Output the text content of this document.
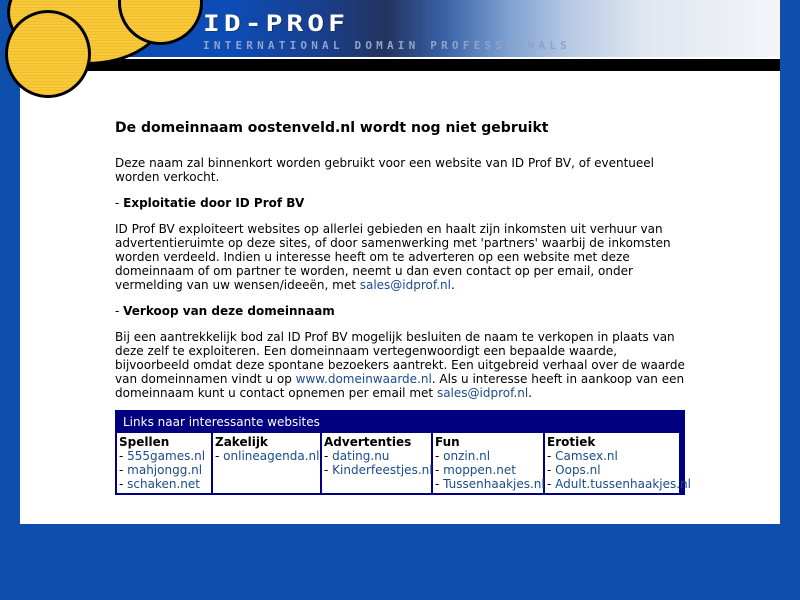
ID-PROF
INTERNATIONAL DOMAIN PROFESSIONALS
De domeinnaam oostenveld.nl wordt nog niet gebruikt

Deze naam zal binnenkort worden gebruikt voor een website van ID Prof BV, of eventueel worden verkocht.

- Exploitatie door ID Prof BV

ID Prof BV exploiteert websites op allerlei gebieden en haalt zijn inkomsten uit verhuur van advertentieruimte op deze sites, of door samenwerking met 'partners' waarbij de inkomsten worden verdeeld. Indien u interesse heeft om te adverteren op een website met deze domeinnaam of om partner te worden, neemt u dan even contact op per email, onder vermelding van uw wensen/ideeën, met sales@idprof.nl.

- Verkoop van deze domeinnaam

Bij een aantrekkelijk bod zal ID Prof BV mogelijk besluiten de naam te verkopen in plaats van deze zelf te exploiteren. Een domeinnaam vertegenwoordigt een bepaalde waarde, bijvoorbeeld omdat deze spontane bezoekers aantrekt. Een uitgebreid verhaal over de waarde van domeinnamen vindt u op www.domeinwaarde.nl. Als u interesse heeft in aankoop van een domeinnaam kunt u contact opnemen per email met sales@idprof.nl.

Links naar interessante websites
Spellen
- 555games.nl
- mahjongg.nl
- schaken.net
Zakelijk
- onlineagenda.nl
Advertenties
- dating.nu
- Kinderfeestjes.nl
Fun
- onzin.nl
- moppen.net
- Tussenhaakjes.nl
Erotiek
- Camsex.nl
- Oops.nl
- Adult.tussenhaakjes.nl
